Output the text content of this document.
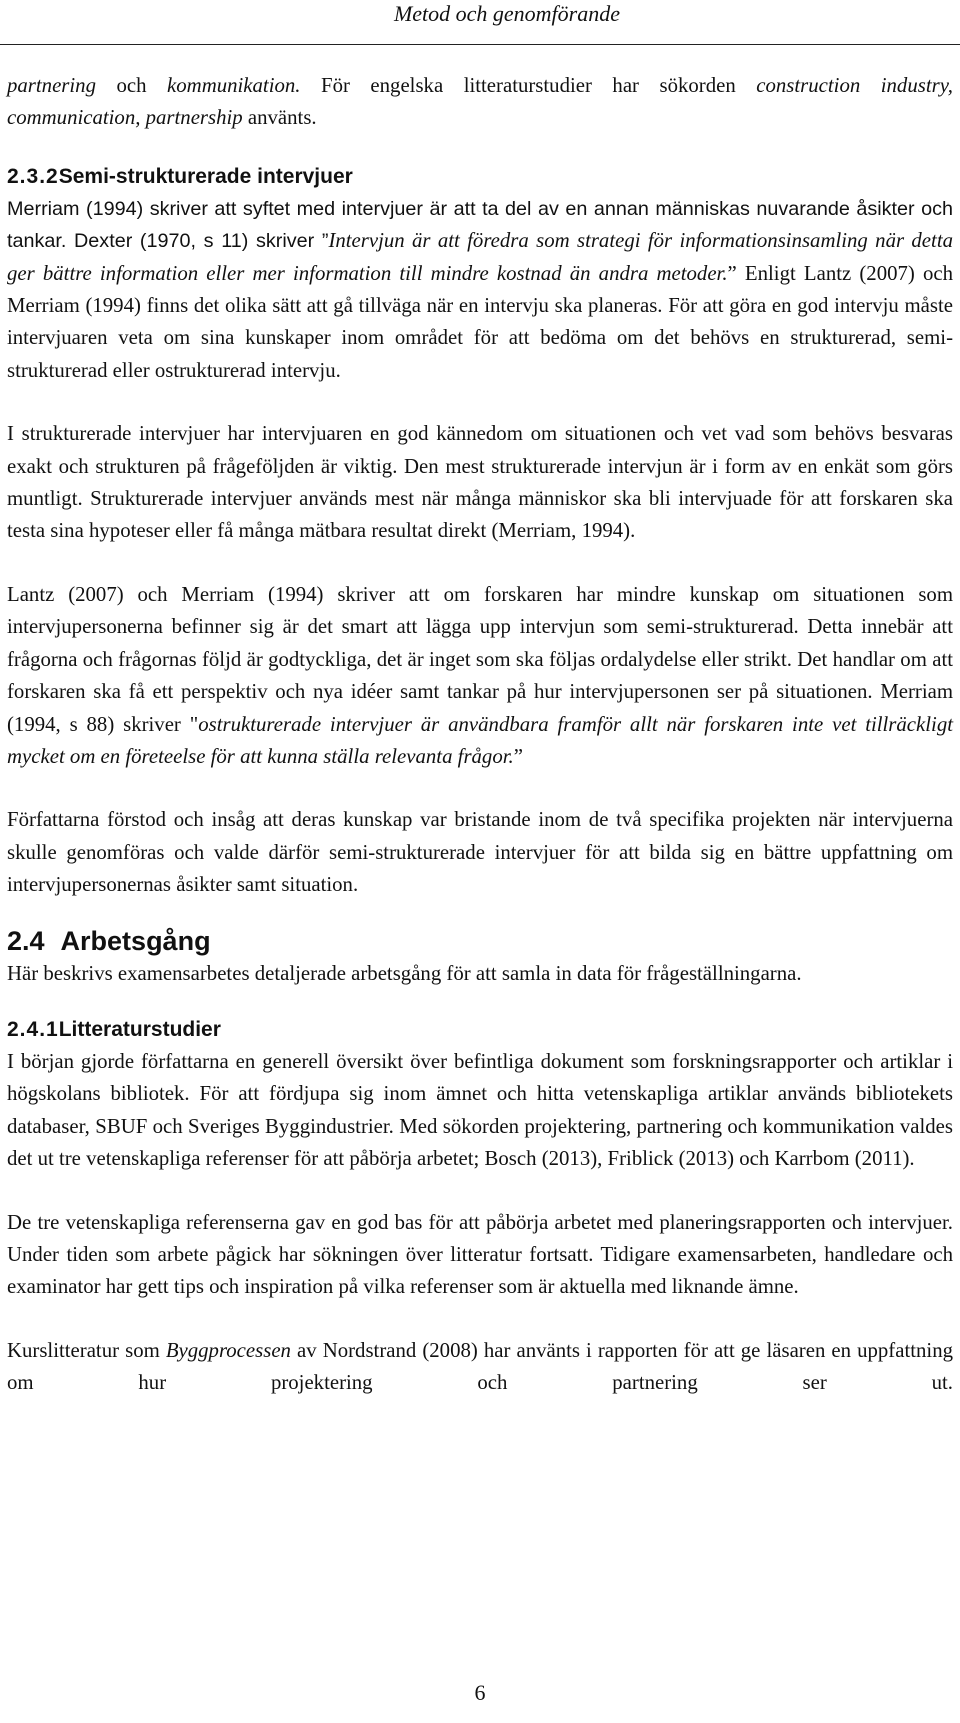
Metod och genomförande

partnering och kommunikation. För engelska litteraturstudier har sökorden construction industry, communication, partnership använts.

2.3.2Semi-strukturerade intervjuer

Merriam (1994) skriver att syftet med intervjuer är att ta del av en annan människas nuvarande åsikter och tankar. Dexter (1970, s 11) skriver ”Intervjun är att föredra som strategi för informationsinsamling när detta ger bättre information eller mer information till mindre kostnad än andra metoder.” Enligt Lantz (2007) och Merriam (1994) finns det olika sätt att gå tillväga när en intervju ska planeras. För att göra en god intervju måste intervjuaren veta om sina kunskaper inom området för att bedöma om det behövs en strukturerad, semi-strukturerad eller ostrukturerad intervju.

I strukturerade intervjuer har intervjuaren en god kännedom om situationen och vet vad som behövs besvaras exakt och strukturen på frågeföljden är viktig. Den mest strukturerade intervjun är i form av en enkät som görs muntligt. Strukturerade intervjuer används mest när många människor ska bli intervjuade för att forskaren ska testa sina hypoteser eller få många mätbara resultat direkt (Merriam, 1994).

Lantz (2007) och Merriam (1994) skriver att om forskaren har mindre kunskap om situationen som intervjupersonerna befinner sig är det smart att lägga upp intervjun som semi-strukturerad. Detta innebär att frågorna och frågornas följd är godtyckliga, det är inget som ska följas ordalydelse eller strikt. Det handlar om att forskaren ska få ett perspektiv och nya idéer samt tankar på hur intervjupersonen ser på situationen. Merriam (1994, s 88) skriver "ostrukturerade intervjuer är användbara framför allt när forskaren inte vet tillräckligt mycket om en företeelse för att kunna ställa relevanta frågor.”

Författarna förstod och insåg att deras kunskap var bristande inom de två specifika projekten när intervjuerna skulle genomföras och valde därför semi-strukturerade intervjuer för att bilda sig en bättre uppfattning om intervjupersonernas åsikter samt situation.

2.4 Arbetsgång

Här beskrivs examensarbetes detaljerade arbetsgång för att samla in data för frågeställningarna.

2.4.1Litteraturstudier

I början gjorde författarna en generell översikt över befintliga dokument som forskningsrapporter och artiklar i högskolans bibliotek. För att fördjupa sig inom ämnet och hitta vetenskapliga artiklar används bibliotekets databaser, SBUF och Sveriges Byggindustrier. Med sökorden projektering, partnering och kommunikation valdes det ut tre vetenskapliga referenser för att påbörja arbetet; Bosch (2013), Friblick (2013) och Karrbom (2011).

De tre vetenskapliga referenserna gav en god bas för att påbörja arbetet med planeringsrapporten och intervjuer. Under tiden som arbete pågick har sökningen över litteratur fortsatt. Tidigare examensarbeten, handledare och examinator har gett tips och inspiration på vilka referenser som är aktuella med liknande ämne.

Kurslitteratur som Byggprocessen av Nordstrand (2008) har använts i rapporten för att ge läsaren en uppfattning om hur projektering och partnering ser ut.

6
